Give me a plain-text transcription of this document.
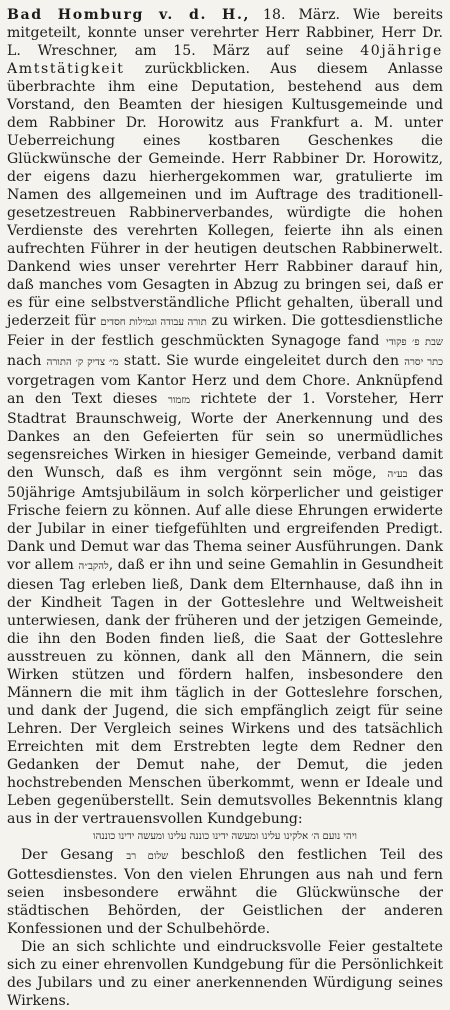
Bad Homburg v. d. H., 18. März. Wie bereits mitgeteilt, konnte unser verehrter Herr Rabbiner, Herr Dr. L. Wreschner, am 15. März auf seine 40jährige Amtstätigkeit zurückblicken. Aus diesem Anlasse überbrachte ihm eine Deputation, bestehend aus dem Vorstand, den Beamten der hiesigen Kultusgemeinde und dem Rabbiner Dr. Horowitz aus Frankfurt a. M. unter Ueberreichung eines kostbaren Geschenkes die Glückwünsche der Gemeinde. Herr Rabbiner Dr. Horowitz, der eigens dazu hierhergekommen war, gratulierte im Namen des allgemeinen und im Auftrage des traditionell-gesetzestreuen Rabbinerverbandes, würdigte die hohen Verdienste des verehrten Kollegen, feierte ihn als einen aufrechten Führer in der heutigen deutschen Rabbinerwelt. Dankend wies unser verehrter Herr Rabbiner darauf hin, daß manches vom Gesagten in Abzug zu bringen sei, daß er es für eine selbstverständliche Pflicht gehalten, überall und jederzeit für תורה עבודה וגמילות חסדים zu wirken. Die gottesdienstliche Feier in der festlich geschmückten Synagoge fand שבת פ׳ פקודי nach מ״ צדיק ק׳ התורה statt. Sie wurde eingeleitet durch den כתר יסרה vorgetragen vom Kantor Herz und dem Chore. Anknüpfend an den Text dieses מזמור richtete der 1. Vorsteher, Herr Stadtrat Braunschweig, Worte der Anerkennung und des Dankes an den Gefeierten für sein so unermüdliches segensreiches Wirken in hiesiger Gemeinde, verband damit den Wunsch, daß es ihm vergönnt sein möge, בע״ה das 50jährige Amtsjubiläum in solch körperlicher und geistiger Frische feiern zu können. Auf alle diese Ehrungen erwiderte der Jubilar in einer tiefgefühlten und ergreifenden Predigt. Dank und Demut war das Thema seiner Ausführungen. Dank vor allem להקב״ה, daß er ihn und seine Gemahlin in Gesundheit diesen Tag erleben ließ, Dank dem Elternhause, daß ihn in der Kindheit Tagen in der Gotteslehre und Weltweisheit unterwiesen, dank der früheren und der jetzigen Gemeinde, die ihn den Boden finden ließ, die Saat der Gotteslehre ausstreuen zu können, dank all den Männern, die sein Wirken stützen und fördern halfen, insbesondere den Männern die mit ihm täglich in der Gotteslehre forschen, und dank der Jugend, die sich empfänglich zeigt für seine Lehren. Der Vergleich seines Wirkens und des tatsächlich Erreichten mit dem Erstrebten legte dem Redner den Gedanken der Demut nahe, der Demut, die jeden hochstrebenden Menschen überkommt, wenn er Ideale und Leben gegenüberstellt. Sein demutsvolles Bekenntnis klang aus in der vertrauensvollen Kundgebung:

ויהי נועם ה׳ אלקינו עלינו ומעשה ידינו כוננה עלינו ומעשה ידינו כוננהו

Der Gesang שלום רב beschloß den festlichen Teil des Gottesdienstes. Von den vielen Ehrungen aus nah und fern seien insbesondere erwähnt die Glückwünsche der städtischen Behörden, der Geistlichen der anderen Konfessionen und der Schulbehörde.

Die an sich schlichte und eindrucksvolle Feier gestaltete sich zu einer ehrenvollen Kundgebung für die Persönlichkeit des Jubilars und zu einer anerkennenden Würdigung seines Wirkens.
